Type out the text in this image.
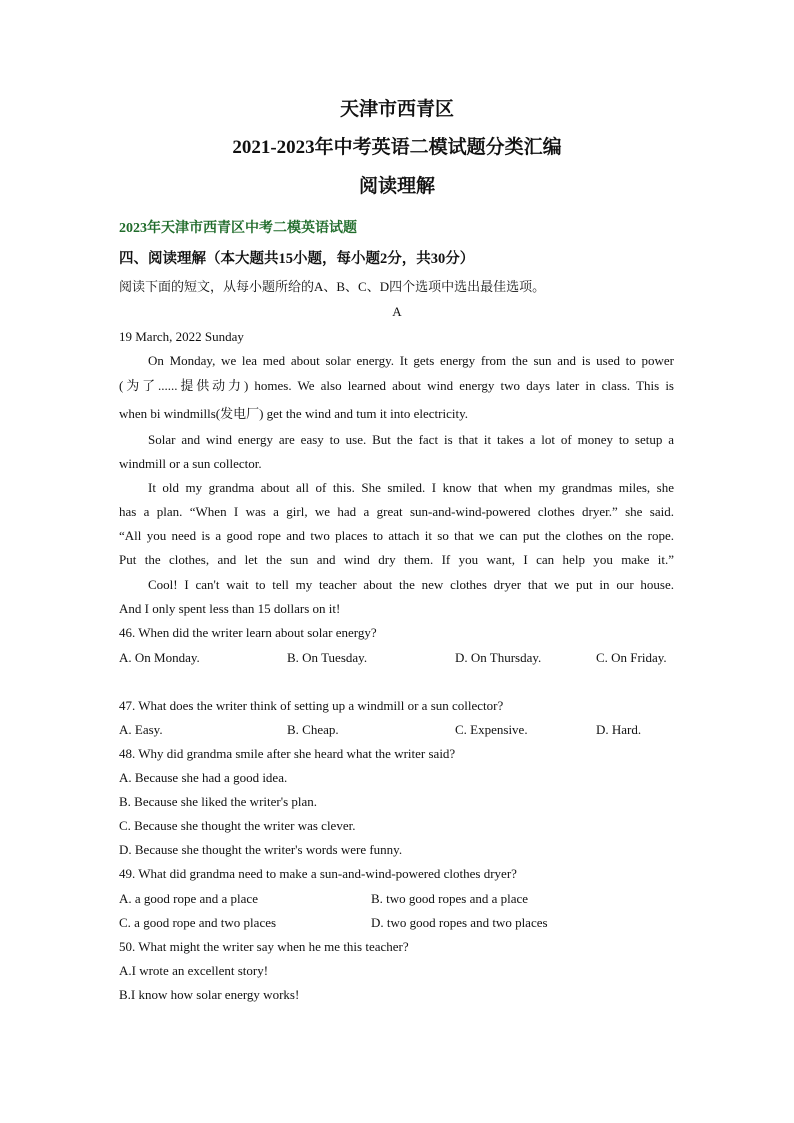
天津市西青区
2021-2023年中考英语二模试题分类汇编
阅读理解

2023年天津市西青区中考二模英语试题

四、阅读理解（本大题共15小题，每小题2分，共30分）

阅读下面的短文，从每小题所给的A、B、C、D四个选项中选出最佳选项。

A

19 March, 2022 Sunday

On Monday, we lea med about solar energy. It gets energy from the sun and is used to power

(为了......提供动力) homes. We also learned about wind energy two days later in class. This is

when bi windmills(发电厂) get the wind and tum it into electricity.

Solar and wind energy are easy to use. But the fact is that it takes a lot of money to setup a

windmill or a sun collector.

It old my grandma about all of this. She smiled. I know that when my grandmas miles, she

has a plan. “When I was a girl, we had a great sun-and-wind-powered clothes dryer.” she said.

“All you need is a good rope and two places to attach it so that we can put the clothes on the rope.

Put the clothes, and let the sun and wind dry them. If you want, I can help you make it.”

Cool! I can't wait to tell my teacher about the new clothes dryer that we put in our house.

And I only spent less than 15 dollars on it!

46. When did the writer learn about solar energy?

A. On Monday.	B. On Tuesday.	D. On Thursday.	C. On Friday.

47. What does the writer think of setting up a windmill or a sun collector?

A. Easy.	B. Cheap.	C. Expensive.	D. Hard.

48. Why did grandma smile after she heard what the writer said?

A. Because she had a good idea.

B. Because she liked the writer's plan.

C. Because she thought the writer was clever.

D. Because she thought the writer's words were funny.

49. What did grandma need to make a sun-and-wind-powered clothes dryer?

A. a good rope and a place	B. two good ropes and a place

C. a good rope and two places	D. two good ropes and two places

50. What might the writer say when he me this teacher?

A.I wrote an excellent story!

B.I know how solar energy works!
